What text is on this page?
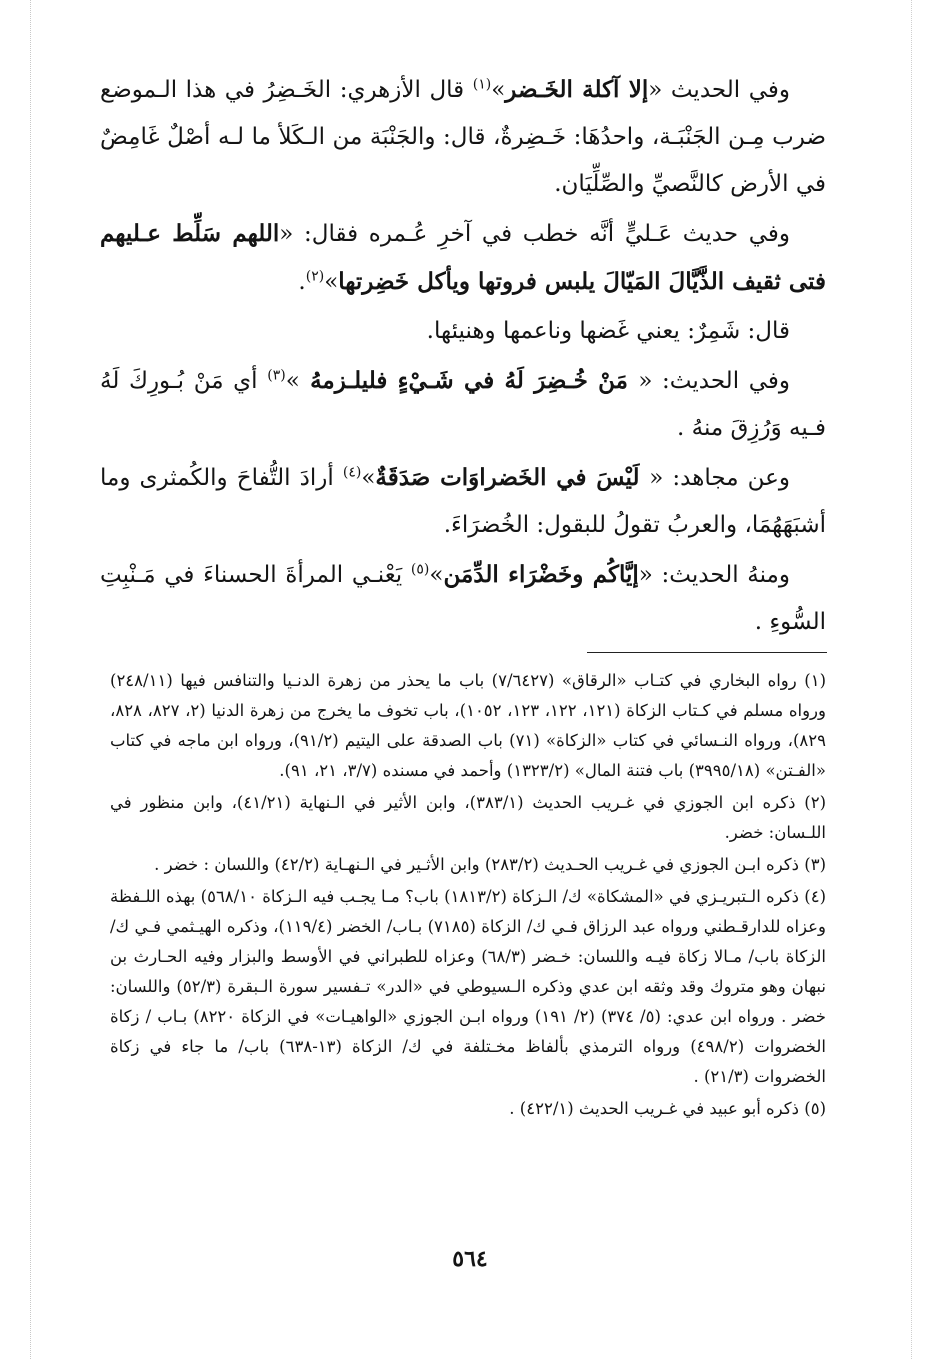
وفي الحديث «إلا آكلة الخَـضر»$^{(١)}$ قال الأزهري: الخَـضِرُ في هذا الـموضع ضرب مِـن الجَنْبَـة، واحدُهَا: خَـضِرةٌ، قال: والجَنْبَة من الـكَلأ ما لـه أصْلٌ غَامِضٌ في الأرض كالنَّصيِّ والصِّلِّيَان.

وفي حديث عَـليٍّ أنَّه خطب في آخرِ عُـمره فقال: «اللهم سَلِّط عـليهم فتى ثقيف الذَّيَّالَ المَيّالَ يلبس فروتها ويأكل خَضِرتها»$^{(٢)}$.

قال: شَمِرٌ: يعني غَضها وناعمها وهنيئها.

وفي الحديث: « مَنْ خُـضِرَ لَهُ في شَـيْءٍ فليلـزمهُ »$^{(٣)}$ أي مَنْ بُـورِكَ لَهُ فـيه وَرُزِقَ منهُ .

وعن مجاهد: « لَيْسَ في الخَضراوَات صَدَقَةٌ»$^{(٤)}$ أرادَ التُّفاحَ والكُمثرى وما أشبَهَهُمَا، والعربُ تقولُ للبقول: الخُضرَاءَ.

ومنهُ الحديث: «إيَّاكُم وخَضْرَاء الدِّمَن»$^{(٥)}$ يَعْنـي المرأةَ الحسناءَ في مَـنْبِتِ السُّوءِ .

(١) رواه البخاري في كتـاب «الرقاق» (٧/٦٤٢٧) باب ما يحذر من زهرة الدنـيا والتنافس فيها (٢٤٨/١١) ورواه مسلم في كـتاب الزكاة (١٢١، ١٢٢، ١٢٣، ١٠٥٢)، باب تخوف ما يخرج من زهرة الدنيا (٢، ٨٢٧، ٨٢٨، ٨٢٩)، ورواه النـسائي في كتاب «الزكاة» (٧١) باب الصدقة على اليتيم (٩١/٢)، ورواه ابن ماجه في كتاب «الفـتن» (٣٩٩٥/١٨) باب فتنة المال» (١٣٢٣/٢) وأحمد في مسنده (٣/٧، ٢١، ٩١).

(٢) ذكره ابن الجوزي في غـريب الحديث (٣٨٣/١)، وابن الأثير في الـنهاية (٤١/٢١)، وابن منظور في اللـسان: خضر.

(٣) ذكره ابـن الجوزي في غـريب الحـديث (٢٨٣/٢) وابن الأثـير في الـنهـاية (٤٢/٢) واللسان : خضر .

(٤) ذكره الـتبريـزي في «المشكاة» ك/ الـزكاة (١٨١٣/٢) باب؟ مـا يجـب فيه الـزكاة ٥٦٨/١٠) بهذه اللـفظة وعزاه للدارقـطني ورواه عبد الرزاق فـي ك/ الزكاة (٧١٨٥) بـاب/ الخضر (١١٩/٤)، وذكره الهيـثمي فـي ك/ الزكاة باب/ مـالا زكاة فيـه واللسان: خـضر (٦٨/٣) وعزاه للطبراني في الأوسط والبزار وفيه الحـارث بن نبهان وهو متروك وقد وثقه ابن عدي وذكره الـسيوطي في «الدر» تـفسير سورة الـبقرة (٥٢/٣) واللسان: خضر . ورواه ابن عدي: (٥/ ٣٧٤) (٢/ ١٩١) ورواه ابـن الجوزي «الواهيـات» في الزكاة ٨٢٢٠) بـاب / زكاة الخضروات (٤٩٨/٢) ورواه الترمذي بألفاظ مخـتلفة في ك/ الزكاة (١٣-٦٣٨) باب/ ما جاء في زكاة الخضروات (٢١/٣) .

(٥) ذكره أبو عبيد في غـريب الحديث (٤٢٢/١) .

٥٦٤
